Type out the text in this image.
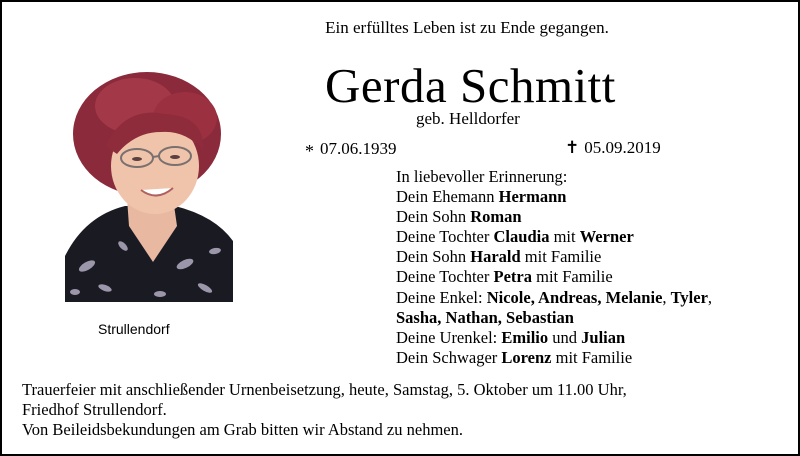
Ein erfülltes Leben ist zu Ende gegangen.
Gerda Schmitt
geb. Helldorfer
* 07.06.1939	✝ 05.09.2019
Strullendorf
In liebevoller Erinnerung:
Dein Ehemann Hermann
Dein Sohn Roman
Deine Tochter Claudia mit Werner
Dein Sohn Harald mit Familie
Deine Tochter Petra mit Familie
Deine Enkel: Nicole, Andreas, Melanie, Tyler,
Sasha, Nathan, Sebastian
Deine Urenkel: Emilio und Julian
Dein Schwager Lorenz mit Familie
Trauerfeier mit anschließender Urnenbeisetzung, heute, Samstag, 5. Oktober um 11.00 Uhr,
Friedhof Strullendorf.
Von Beileidsbekundungen am Grab bitten wir Abstand zu nehmen.
